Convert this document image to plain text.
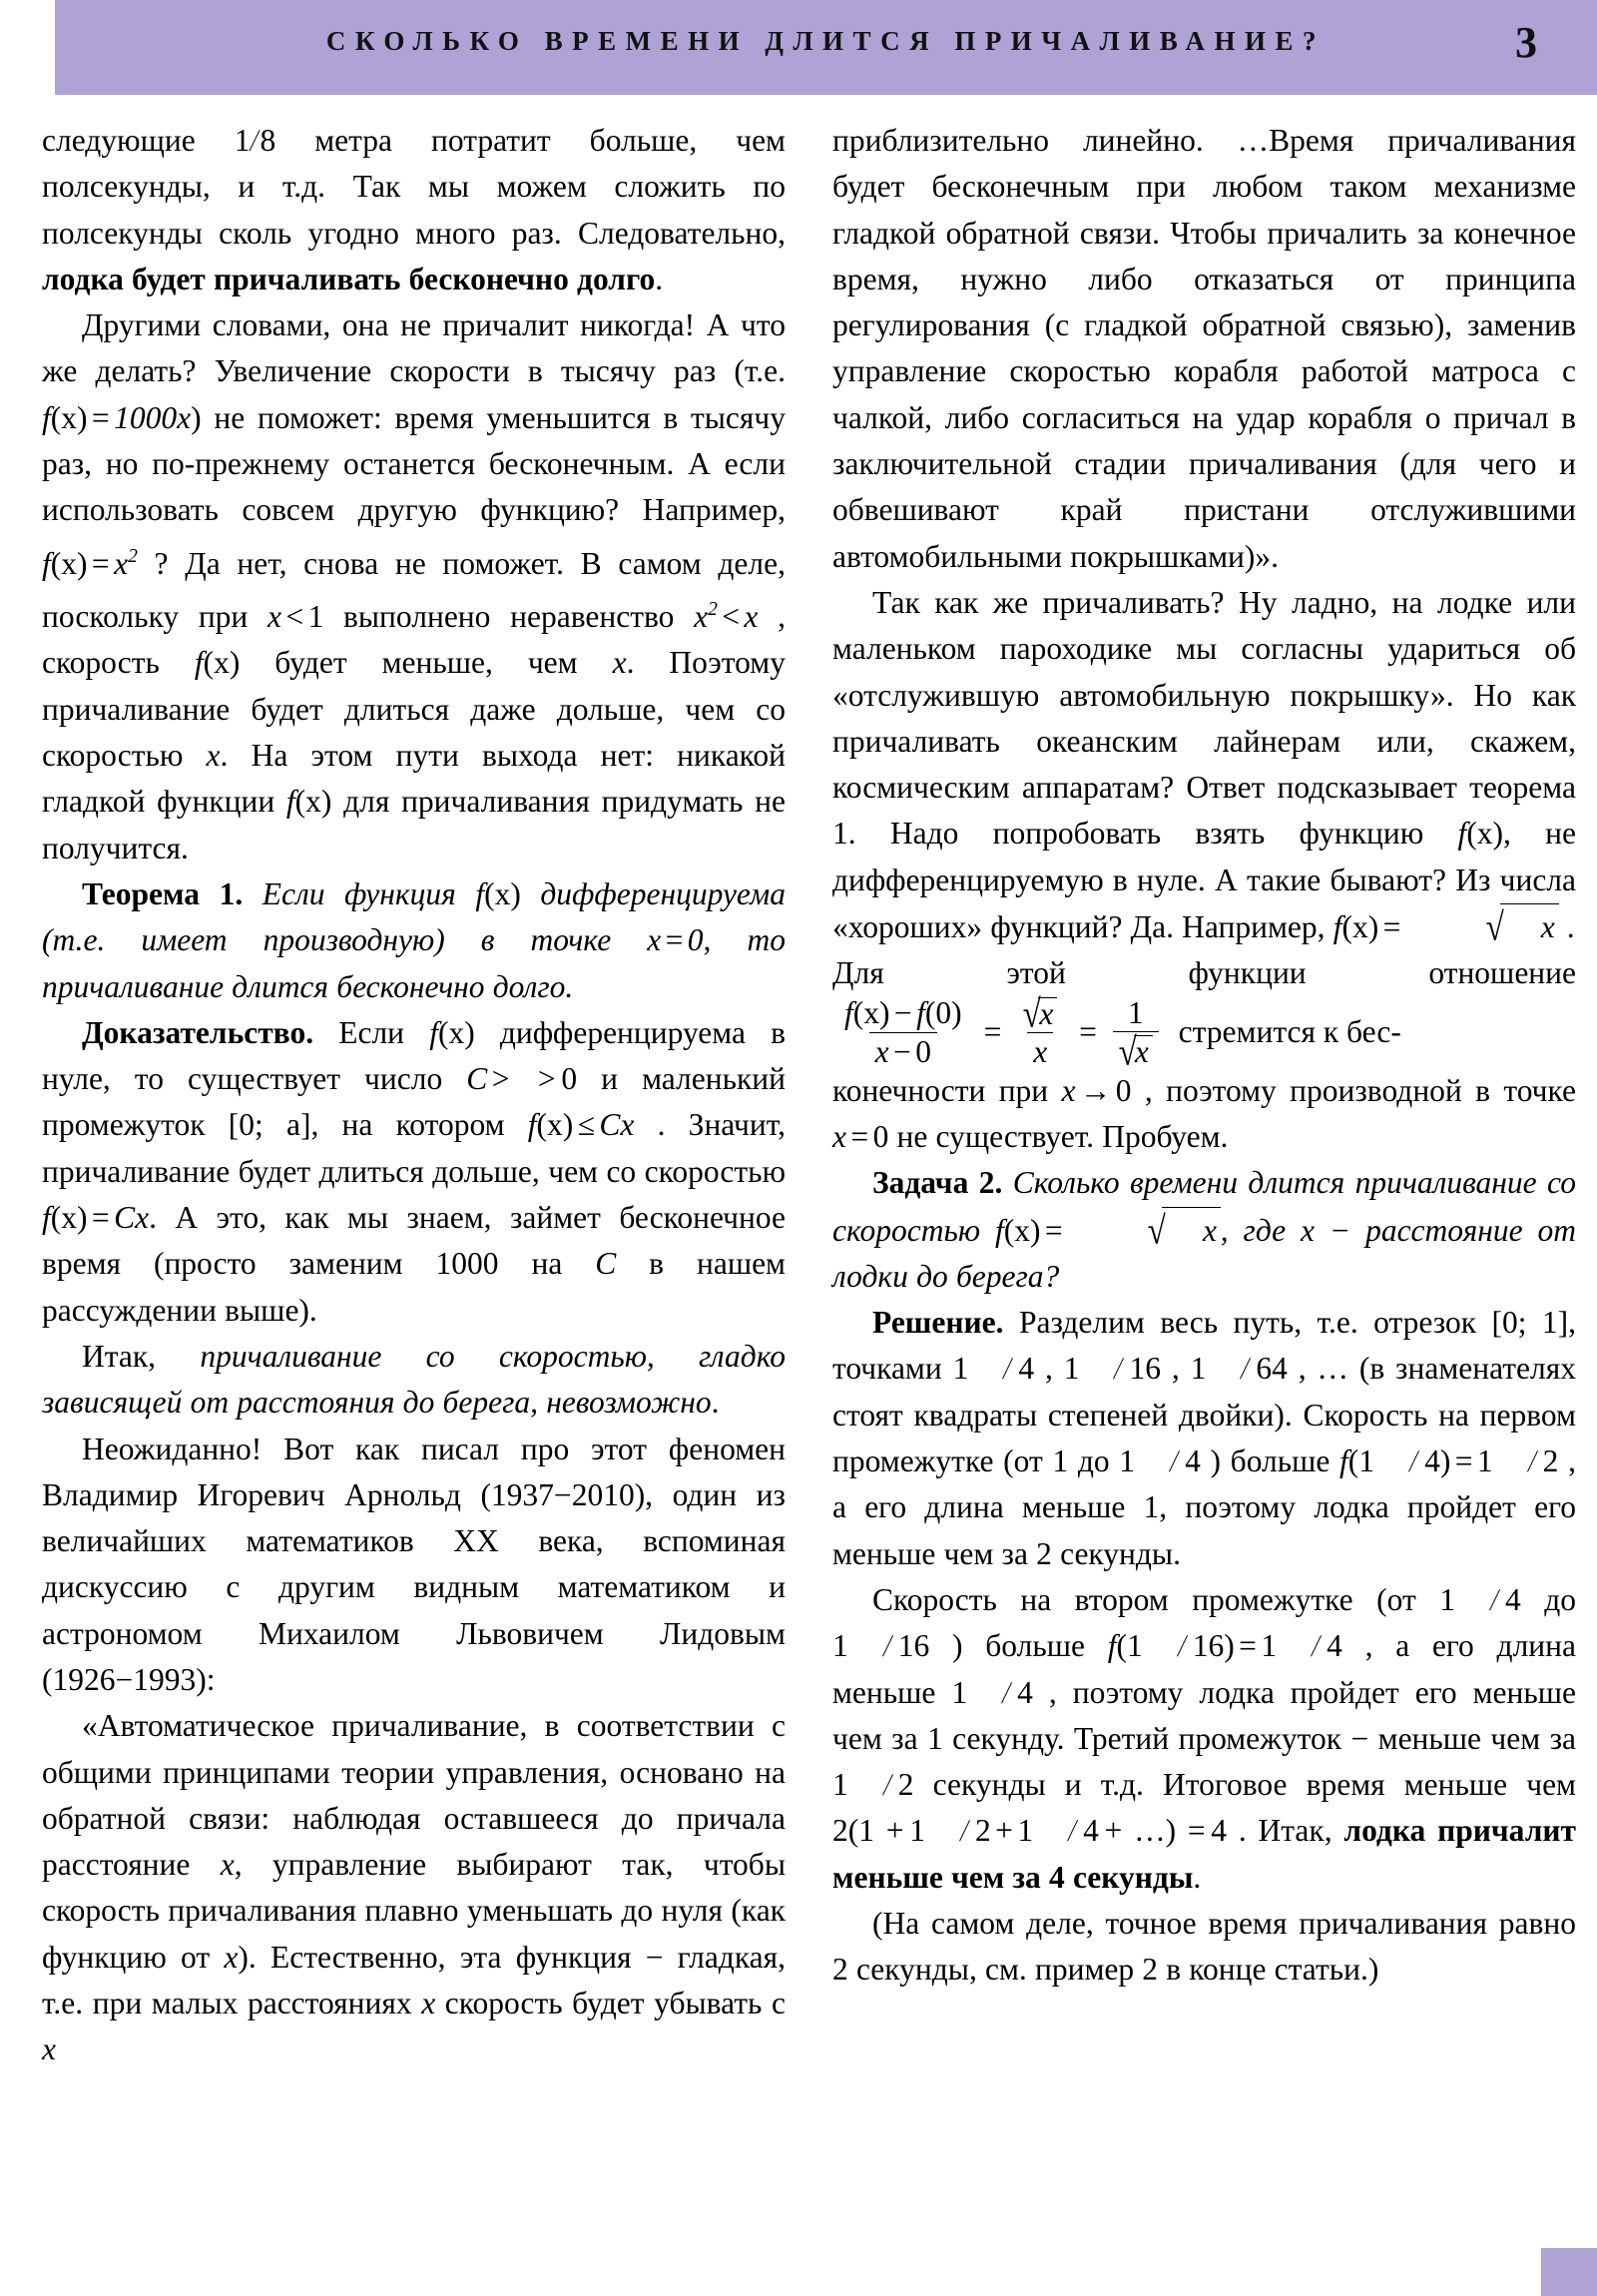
СКОЛЬКО ВРЕМЕНИ ДЛИТСЯ ПРИЧАЛИВАНИЕ?	3

следующие 1/8 метра потратит больше, чем полсекунды, и т.д. Так мы можем сложить по полсекунды сколь угодно много раз. Следовательно, лодка будет причаливать бесконечно долго.

Другими словами, она не причалит никогда! А что же делать? Увеличение скорости в тысячу раз (т.е. f(x) = 1000x) не поможет: время уменьшится в тысячу раз, но по-прежнему останется бесконечным. А если использовать совсем другую функцию? Например, $f(x) = x^2$ ? Да нет, снова не поможет. В самом деле, поскольку при x < 1 выполнено неравенство $x^2 < x$ , скорость f(x) будет меньше, чем x. Поэтому причаливание будет длиться даже дольше, чем со скоростью x. На этом пути выхода нет: никакой гладкой функции f(x) для причаливания придумать не получится.

Теорема 1. Если функция f(x) дифференцируема (т.е. имеет производную) в точке x = 0, то причаливание длится бесконечно долго.

Доказательство. Если f(x) дифференцируема в нуле, то существует число C > > 0 и маленький промежуток [0; a], на котором f(x) ≤ Cx . Значит, причаливание будет длиться дольше, чем со скоростью f(x) = Cx. А это, как мы знаем, займет бесконечное время (просто заменим 1000 на C в нашем рассуждении выше).

Итак, причаливание со скоростью, гладко зависящей от расстояния до берега, невозможно.

Неожиданно! Вот как писал про этот феномен Владимир Игоревич Арнольд (1937−2010), один из величайших математиков XX века, вспоминая дискуссию с другим видным математиком и астрономом Михаилом Львовичем Лидовым (1926−1993):

«Автоматическое причаливание, в соответствии с общими принципами теории управления, основано на обратной связи: наблюдая оставшееся до причала расстояние x, управление выбирают так, чтобы скорость причаливания плавно уменьшать до нуля (как функцию от x). Естественно, эта функция − гладкая, т.е. при малых расстояниях x скорость будет убывать с x

приблизительно линейно. …Время причаливания будет бесконечным при любом таком механизме гладкой обратной связи. Чтобы причалить за конечное время, нужно либо отказаться от принципа регулирования (с гладкой обратной связью), заменив управление скоростью корабля работой матроса с чалкой, либо согласиться на удар корабля о причал в заключительной стадии причаливания (для чего и обвешивают край пристани отслужившими автомобильными покрышками)».

Так как же причаливать? Ну ладно, на лодке или маленьком пароходике мы согласны удариться об «отслужившую автомобильную покрышку». Но как причаливать океанским лайнерам или, скажем, космическим аппаратам? Ответ подсказывает теорема 1. Надо попробовать взять функцию f(x), не дифференцируемую в нуле. А такие бывают? Из числа «хороших» функций? Да. Например, f(x) =	√ x .

Для этой функции отношение

$\frac{f(x) - f(0)}{x - 0} = \frac{√x}{x} = \frac{1}{√x}$ стремится к бес-

конечности при x → 0 , поэтому производной в точке x = 0 не существует. Пробуем.

Задача 2. Сколько времени длится причаливание со скоростью f(x) =	√ x , где x − расстояние от лодки до берега?

Решение. Разделим весь путь, т.е. отрезок [0; 1], точками 1 / 4 , 1 / 16 , 1 / 64 , … (в знаменателях стоят квадраты степеней двойки). Скорость на первом промежутке (от 1 до 1 / 4 ) больше f(1 / 4) = 1 / 2 , а его длина меньше 1, поэтому лодка пройдет его меньше чем за 2 секунды.

Скорость на втором промежутке (от 1 / 4 до 1 / 16 ) больше f(1 / 16) = 1 / 4 , а его длина меньше 1 / 4 , поэтому лодка пройдет его меньше чем за 1 секунду. Третий промежуток − меньше чем за 1 / 2 секунды и т.д. Итоговое время меньше чем 2(1 + 1 / 2 + 1 / 4 + …) = 4 . Итак, лодка причалит меньше чем за 4 секунды.

(На самом деле, точное время причаливания равно 2 секунды, см. пример 2 в конце статьи.)
